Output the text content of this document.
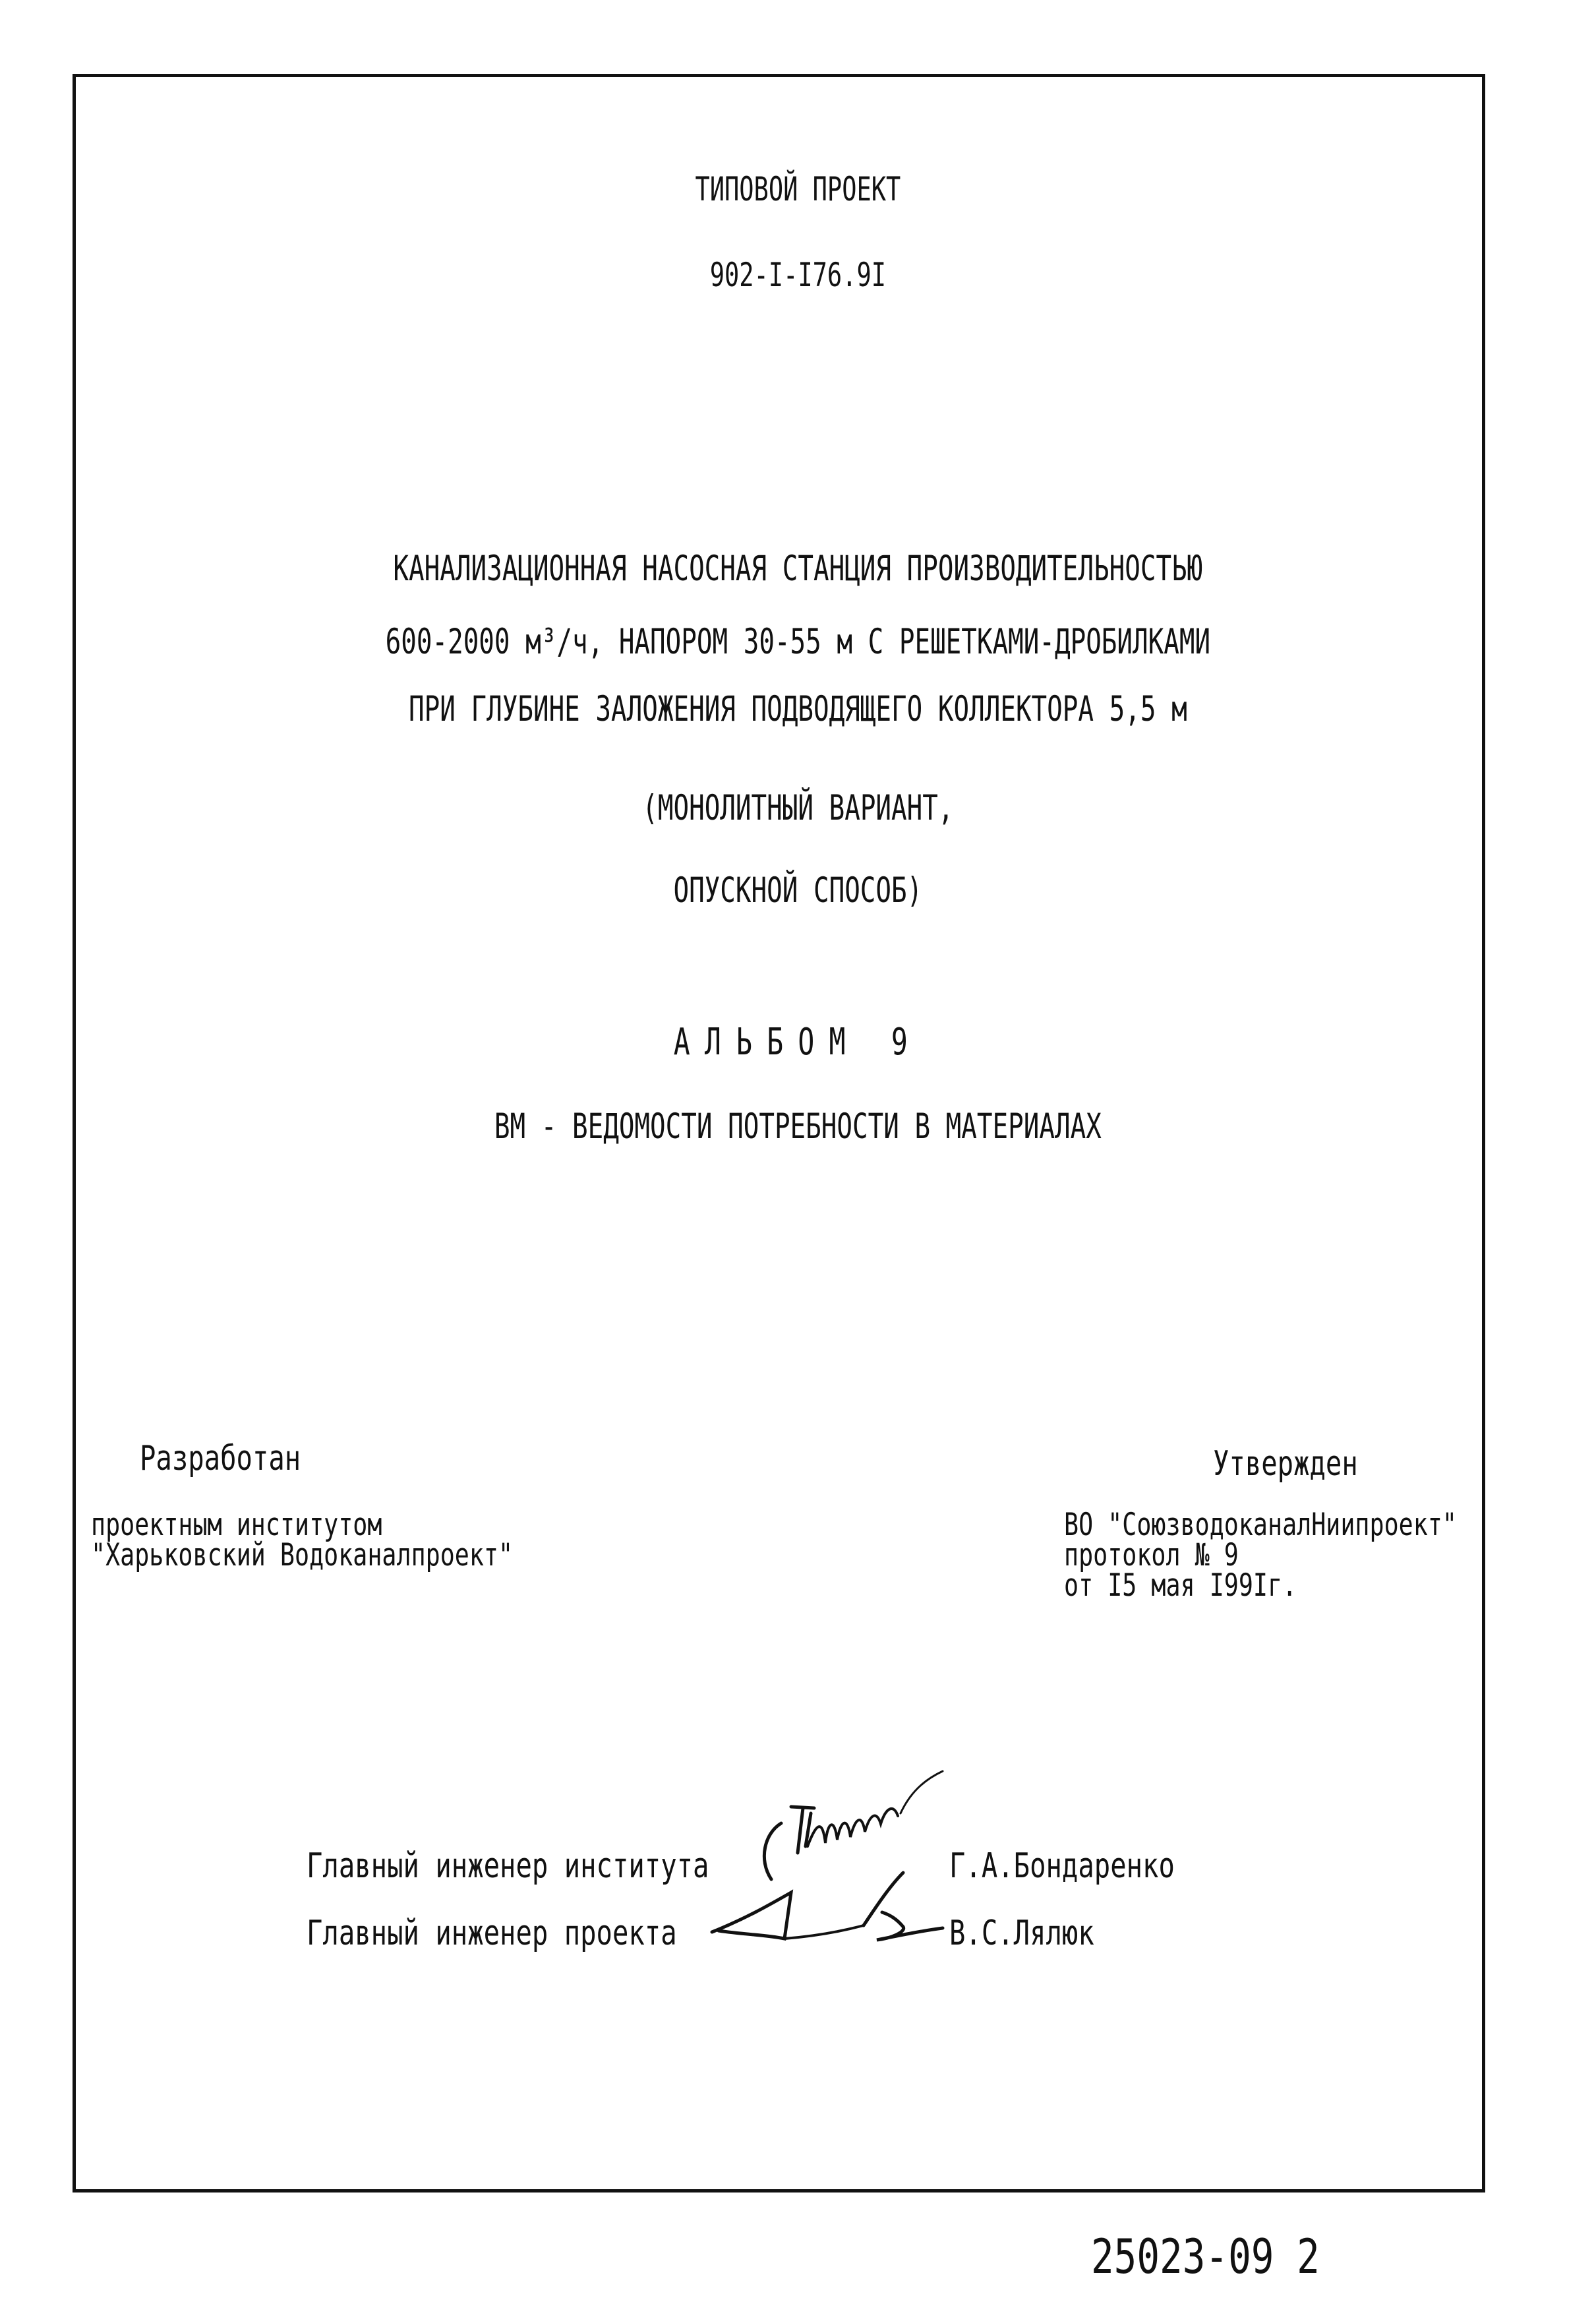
ТИПОВОЙ ПРОЕКТ
902-I-I76.9I
КАНАЛИЗАЦИОННАЯ НАСОСНАЯ СТАНЦИЯ ПРОИЗВОДИТЕЛЬНОСТЬЮ
600-2000 м³/ч, НАПОРОМ 30-55 м С РЕШЕТКАМИ-ДРОБИЛКАМИ
ПРИ ГЛУБИНЕ ЗАЛОЖЕНИЯ ПОДВОДЯЩЕГО КОЛЛЕКТОРА 5,5 м
(МОНОЛИТНЫЙ ВАРИАНТ,
ОПУСКНОЙ СПОСОБ)
АЛЬБОМ 9
ВМ - ВЕДОМОСТИ ПОТРЕБНОСТИ В МАТЕРИАЛАХ
Разработан
проектным институтом
"Харьковский Водоканалпроект"
Утвержден
ВО "СоюзводоканалНиипроект"
протокол № 9
от I5 мая I99Iг.
Главный инженер института	Г.А.Бондаренко
Главный инженер проекта	В.С.Лялюк
25023-09 2
